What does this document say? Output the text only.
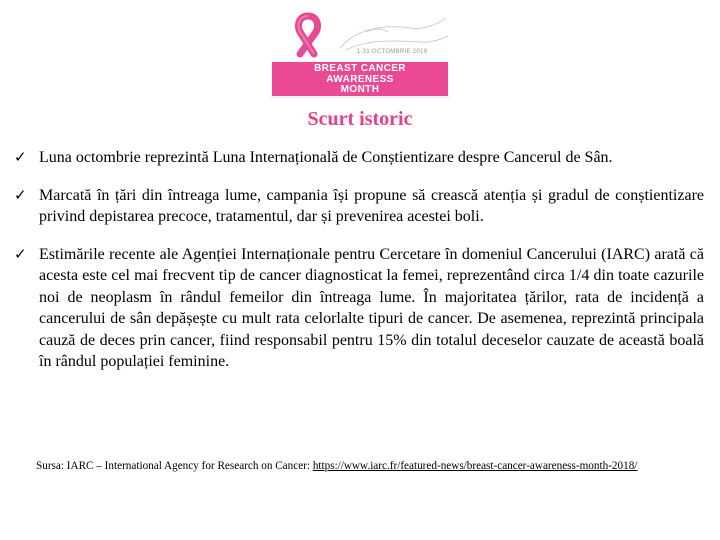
1-31 OCTOMBRIE 2019
BREAST CANCER
AWARENESS
MONTH
Scurt istoric
✓ Luna octombrie reprezintă Luna Internațională de Conștientizare despre Cancerul de Sân.
✓ Marcată în țări din întreaga lume, campania își propune să crească atenția și gradul de conștientizare privind depistarea precoce, tratamentul, dar și prevenirea acestei boli.
✓ Estimările recente ale Agenției Internaționale pentru Cercetare în domeniul Cancerului (IARC) arată că acesta este cel mai frecvent tip de cancer diagnosticat la femei, reprezentând circa 1/4 din toate cazurile noi de neoplasm în rândul femeilor din întreaga lume. În majoritatea țărilor, rata de incidență a cancerului de sân depășește cu mult rata celorlalte tipuri de cancer. De asemenea, reprezintă principala cauză de deces prin cancer, fiind responsabil pentru 15% din totalul deceselor cauzate de această boală în rândul populației feminine.
Sursa: IARC – International Agency for Research on Cancer: https://www.iarc.fr/featured-news/breast-cancer-awareness-month-2018/
